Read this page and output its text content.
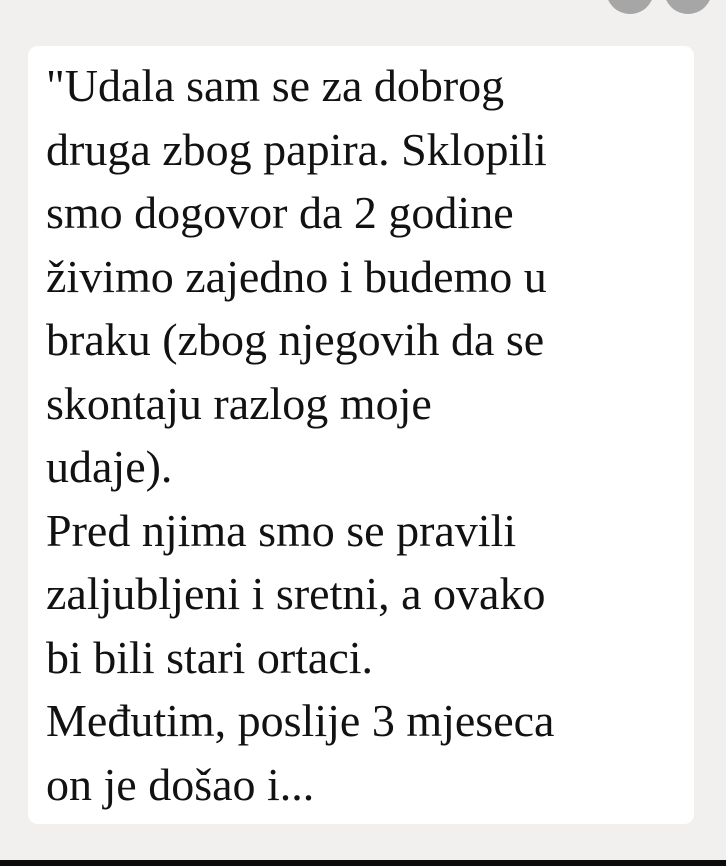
"Udala sam se za dobrog
druga zbog papira. Sklopili
smo dogovor da 2 godine
živimo zajedno i budemo u
braku (zbog njegovih da se
skontaju razlog moje
udaje).
Pred njima smo se pravili
zaljubljeni i sretni, a ovako
bi bili stari ortaci.
Međutim, poslije 3 mjeseca
on je došao i...
